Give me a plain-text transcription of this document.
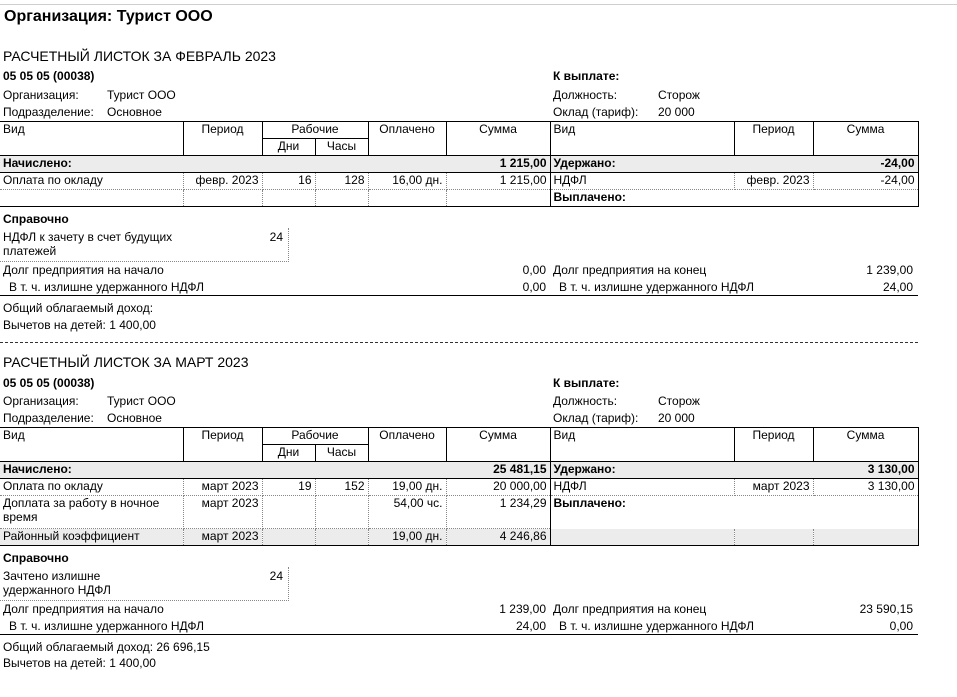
Организация: Турист ООО
РАСЧЕТНЫЙ ЛИСТОК ЗА ФЕВРАЛЬ 2023
05 05 05 (00038)
Организация: Турист ООО
Подразделение: Основное
К выплате:
Должность:	Сторож
Оклад (тариф): 20 000
Вид	Период	Рабочие		Оплачено	Сумма	Вид	Период	Сумма
		Дни	Часы					
Начислено:					1 215,00	Удержано:		-24,00
Оплата по окладу	февр. 2023	16	128	16,00 дн.	1 215,00	НДФЛ	февр. 2023	-24,00
						Выплачено:		
Справочно
НДФЛ к зачету в счет будущих платежей
24
Долг предприятия на начало	0,00
В т. ч. излишне удержанного НДФЛ	0,00
Долг предприятия на конец	1 239,00
В т. ч. излишне удержанного НДФЛ	24,00
Общий облагаемый доход:
Вычетов на детей: 1 400,00
РАСЧЕТНЫЙ ЛИСТОК ЗА МАРТ 2023
05 05 05 (00038)
Организация: Турист ООО
Подразделение: Основное
К выплате:
Должность:	Сторож
Оклад (тариф): 20 000
Вид	Период	Рабочие		Оплачено	Сумма	Вид	Период	Сумма
		Дни	Часы					
Начислено:					25 481,15	Удержано:		3 130,00
Оплата по окладу	март 2023	19	152	19,00 дн.	20 000,00	НДФЛ	март 2023	3 130,00
Доплата за работу в ночное время	март 2023			54,00 чс.	1 234,29	Выплачено:		
Районный коэффициент	март 2023			19,00 дн.	4 246,86			
Справочно
Зачтено излишне удержанного НДФЛ
24
Долг предприятия на начало	1 239,00
В т. ч. излишне удержанного НДФЛ	24,00
Долг предприятия на конец	23 590,15
В т. ч. излишне удержанного НДФЛ	0,00
Общий облагаемый доход: 26 696,15
Вычетов на детей: 1 400,00
